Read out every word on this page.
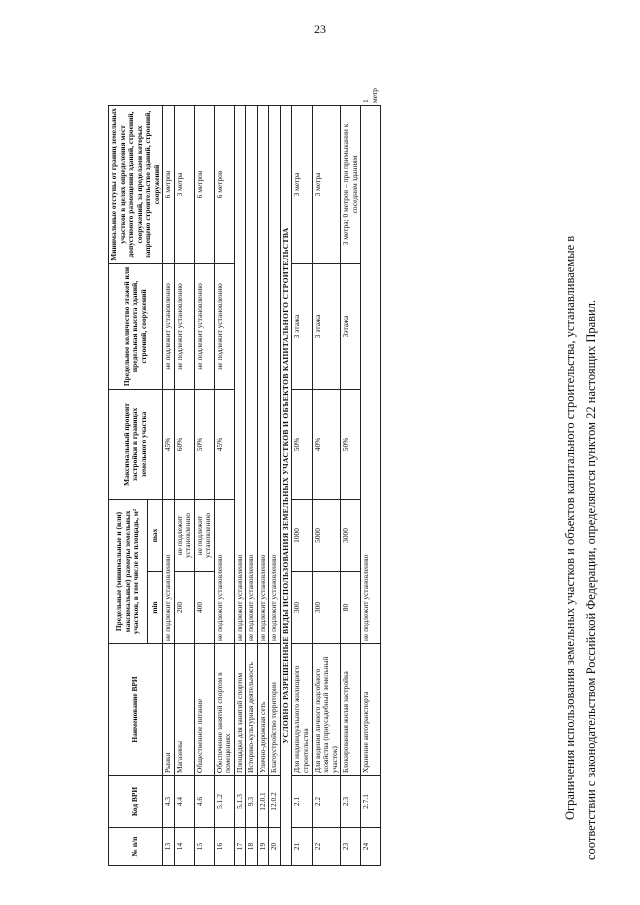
23
№ п/п	Код ВРИ	Наименование ВРИ	Предельные (минимальные и (или) максимальные) размеры земельных участков, в том числе их площадь, м²		Максимальный процент застройки в границах земельного участка	Предельное количество этажей или предельная высота зданий, строений, сооружений	Минимальные отступы от границ земельных участков в целях определения мест допустимого размещения зданий, строений, сооружений, за пределами которых запрещено строительство зданий, строений, сооружений	
			min	max				
13	4.3	Рынки	не подлежит установлению		45%	не подлежит установлению	6 метров	
14	4.4	Магазины	200	не подлежит установлению	60%	не подлежит установлению	3 метра	
15	4.6	Общественное питание	400	не подлежит установлению	50%	не подлежит установлению	6 метров	
16	5.1.2	Обеспечение занятий спортом в помещениях	не подлежит установлению		45%	не подлежит установлению	6 метров	
17	5.1.3	Площадки для занятий спортом	не подлежит установлению					
18	9.3	Историко-культурная деятельность	не подлежит установлению					
19	12.0.1	Улично-дорожная сеть	не подлежит установлению					
20	12.0.2	Благоустройство территории	не подлежит установлению					
УСЛОВНО РАЗРЕШЕННЫЕ ВИДЫ ИСПОЛЬЗОВАНИЯ ЗЕМЕЛЬНЫХ УЧАСТКОВ И ОБЪЕКТОВ КАПИТАЛЬНОГО СТРОИТЕЛЬСТВА								
21	2.1	Для индивидуального жилищного строительства	300	1000	50%	3 этажа	3 метра	
22	2.2	Для ведения личного подсобного хозяйства (приусадебный земельный участок)	300	5000	40%	3 этажа	3 метра	
23	2.3	Блокированная жилая застройка	80	3000	50%	3этажа	3 метра; 0 метров – при примыкании к соседним зданиям	
24	2.7.1	Хранение автотранспорта	не подлежит установлению					1 метр

Ограничения использования земельных участков и объектов капитального строительства, устанавливаемые в соответствии с законодательством Российской Федерации, определяются пунктом 22 настоящих Правил.
